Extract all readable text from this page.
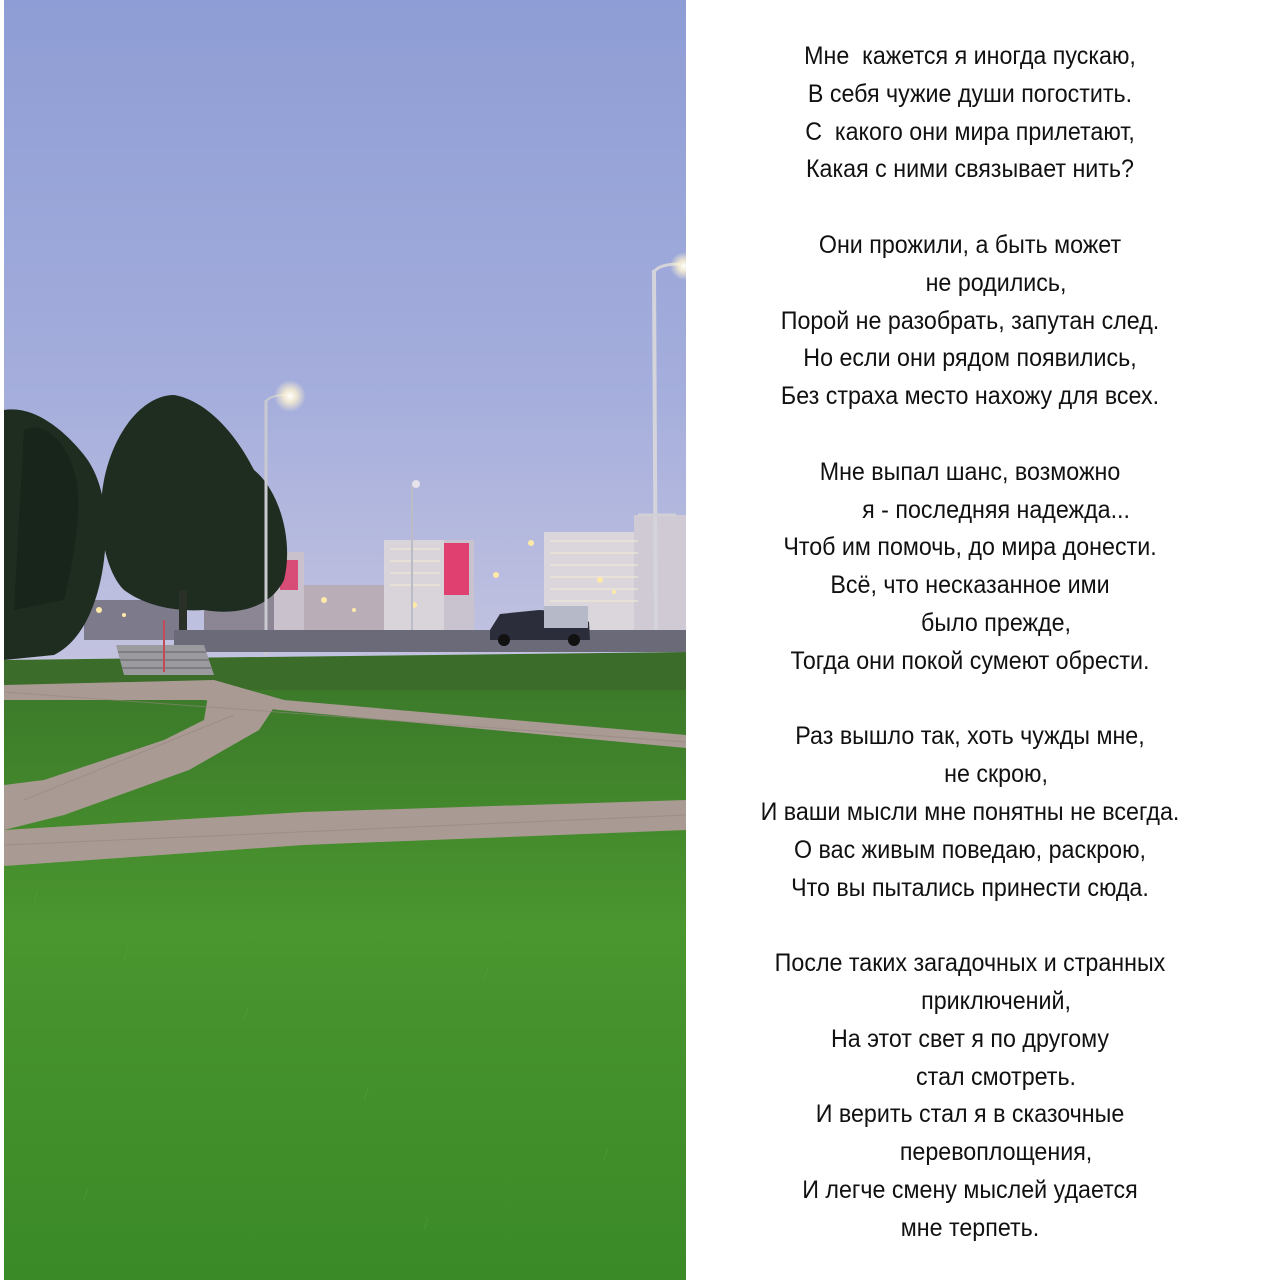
Мне  кажется я иногда пускаю,
В себя чужие души погостить.
С  какого они мира прилетают,
Какая с ними связывает нить?
Они прожили, а быть может
не родились,
Порой не разобрать, запутан след.
Но если они рядом появились,
Без страха место нахожу для всех.
Мне выпал шанс, возможно
я - последняя надежда...
Чтоб им помочь, до мира донести.
Всё, что несказанное ими
было прежде,
Тогда они покой сумеют обрести.
Раз вышло так, хоть чужды мне,
не скрою,
И ваши мысли мне понятны не всегда.
О вас живым поведаю, раскрою,
Что вы пытались принести сюда.
После таких загадочных и странных
приключений,
На этот свет я по другому
стал смотреть.
И верить стал я в сказочные
перевоплощения,
И легче смену мыслей удается
мне терпеть.
